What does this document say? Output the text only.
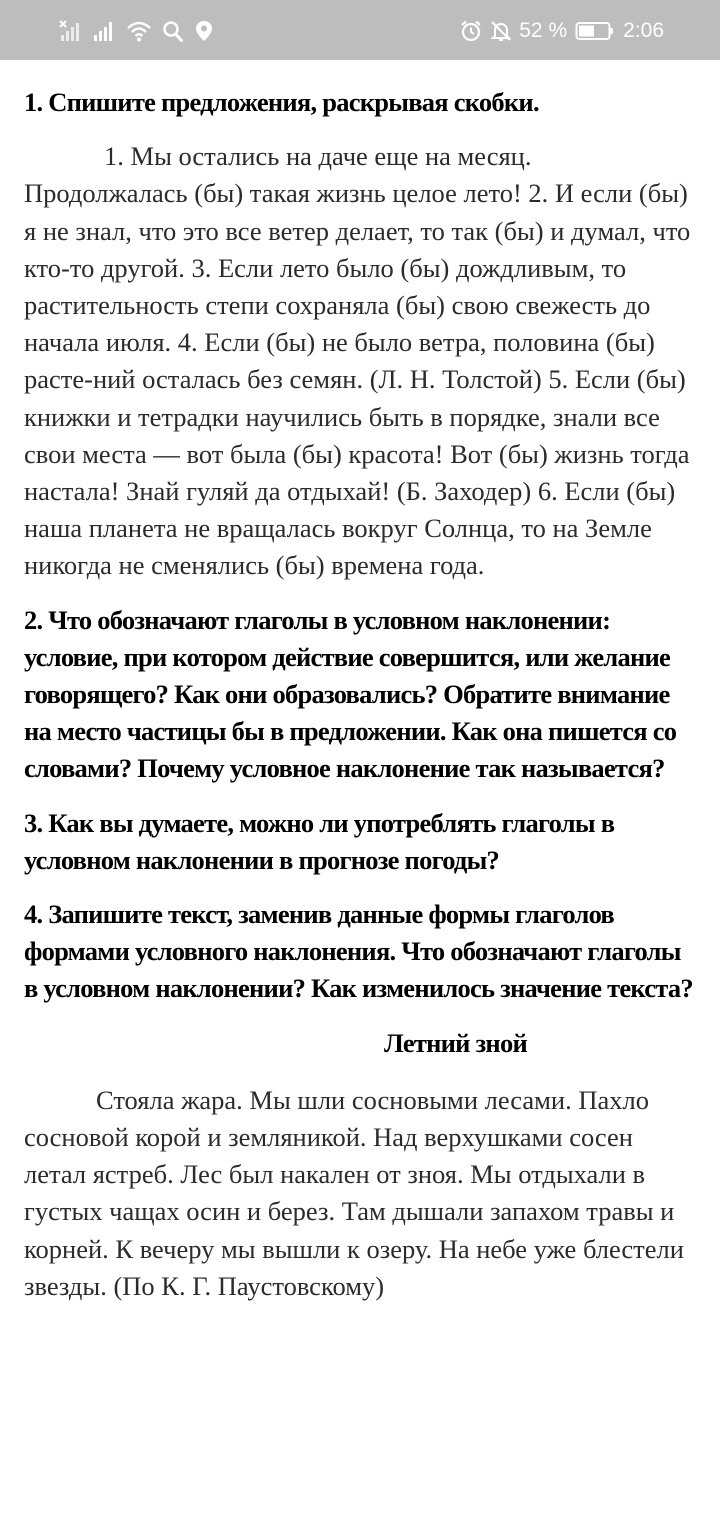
52 %	2:06

1. Спишите предложения, раскрывая скобки.

1. Мы остались на даче еще на месяц. Продолжалась (бы) такая жизнь целое лето! 2. И если (бы) я не знал, что это все ветер делает, то так (бы) и думал, что кто-то другой. 3. Если лето было (бы) дождливым, то растительность степи сохраняла (бы) свою свежесть до начала июля. 4. Если (бы) не было ветра, половина (бы) расте-ний осталась без семян. (Л. Н. Толстой) 5. Если (бы) книжки и тетрадки научились быть в порядке, знали все свои места — вот была (бы) красота! Вот (бы) жизнь тогда настала! Знай гуляй да отдыхай! (Б. Заходер) 6. Если (бы) наша планета не вращалась вокруг Солнца, то на Земле никогда не сменялись (бы) времена года.

2. Что обозначают глаголы в условном наклонении: условие, при котором действие совершится, или желание говорящего? Как они образовались? Обратите внимание на место частицы бы в предложении. Как она пишется со словами? Почему условное наклонение так называется?

3. Как вы думаете, можно ли употреблять глаголы в условном наклонении в прогнозе погоды?

4. Запишите текст, заменив данные формы глаголов формами условного наклонения. Что обозначают глаголы в условном наклонении? Как изменилось значение текста?

Летний зной

Стояла жара. Мы шли сосновыми лесами. Пахло сосновой корой и земляникой. Над верхушками сосен летал ястреб. Лес был накален от зноя. Мы отдыхали в густых чащах осин и берез. Там дышали запахом травы и корней. К вечеру мы вышли к озеру. На небе уже блестели звезды. (По К. Г. Паустовскому)
